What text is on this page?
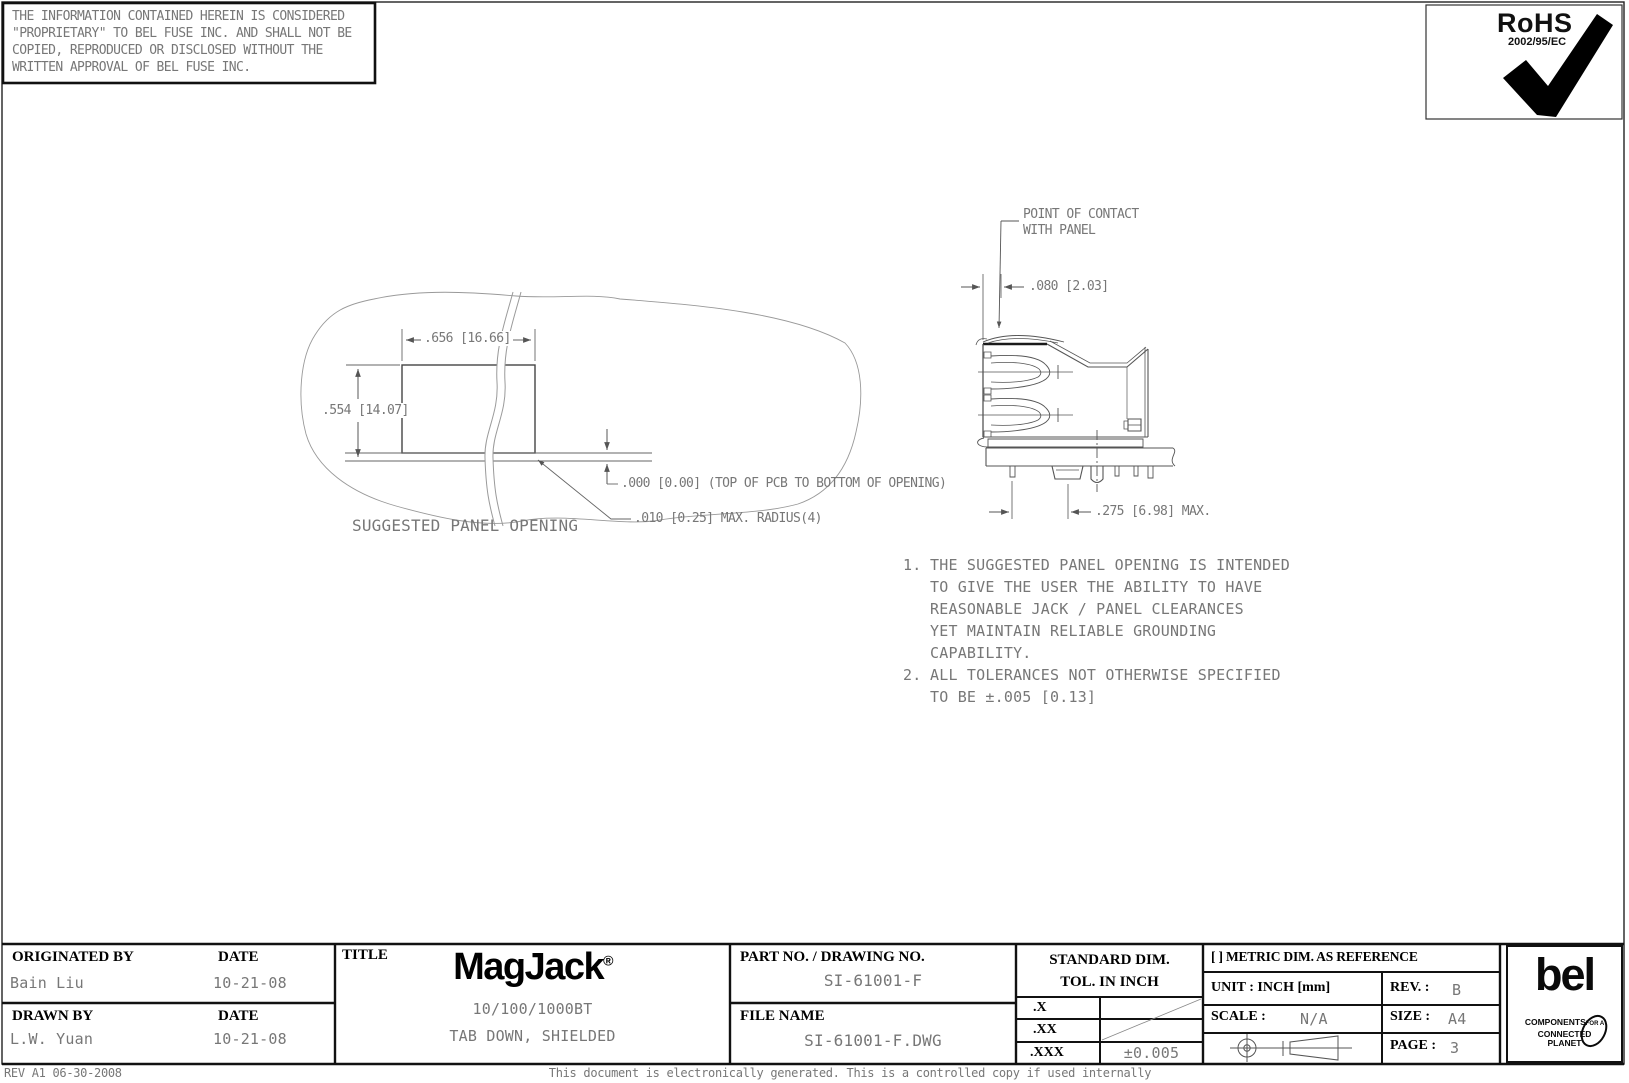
THE INFORMATION CONTAINED HEREIN IS CONSIDERED
"PROPRIETARY" TO BEL FUSE INC. AND SHALL NOT BE
COPIED, REPRODUCED OR DISCLOSED WITHOUT THE
WRITTEN APPROVAL OF BEL FUSE INC.
RoHS
2002/95/EC
.656 [16.66]
.554 [14.07]
.000 [0.00] (TOP OF PCB TO BOTTOM OF OPENING)
.010 [0.25] MAX. RADIUS(4)
SUGGESTED PANEL OPENING
POINT OF CONTACT
WITH PANEL
.080 [2.03]
.275 [6.98] MAX.
1. THE SUGGESTED PANEL OPENING IS INTENDED
TO GIVE THE USER THE ABILITY TO HAVE
REASONABLE JACK / PANEL CLEARANCES
YET MAINTAIN RELIABLE GROUNDING
CAPABILITY.
2. ALL TOLERANCES NOT OTHERWISE SPECIFIED
TO BE ±.005 [0.13]
ORIGINATED BY	DATE
Bain Liu	10-21-08
DRAWN BY	DATE
L.W. Yuan	10-21-08
TITLE	MagJack®
10/100/1000BT
TAB DOWN, SHIELDED
PART NO. / DRAWING NO.
SI-61001-F
FILE NAME
SI-61001-F.DWG
STANDARD DIM.
TOL. IN INCH
.X
.XX
.XXX	±0.005
[ ] METRIC DIM. AS REFERENCE
UNIT : INCH [mm]	REV. : B
SCALE : N/A	SIZE : A4
PAGE : 3
bel
COMPONENTSFOR A
CONNECTED
PLANET
REV A1 06-30-2008	This document is electronically generated. This is a controlled copy if used internally
